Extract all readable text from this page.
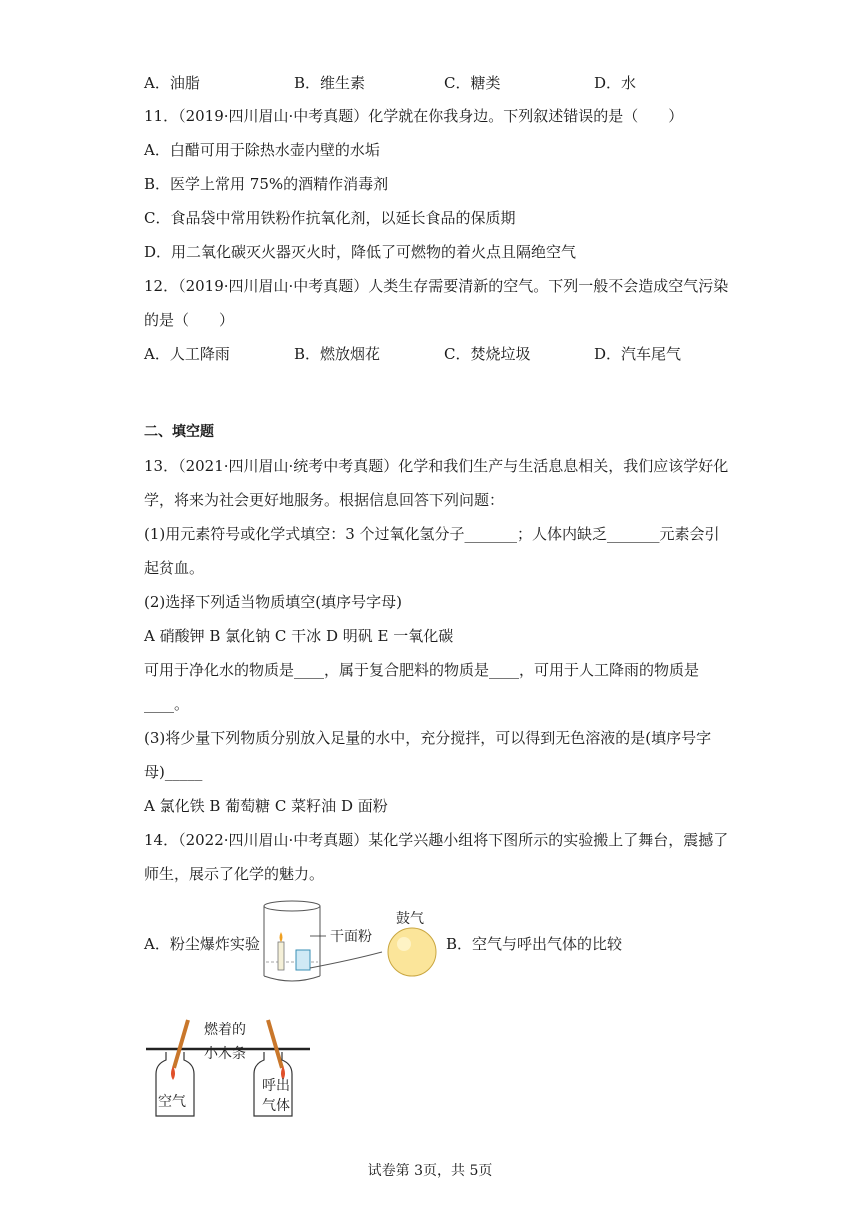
A．油脂	B．维生素	C．糖类	D．水
11．（2019·四川眉山·中考真题）化学就在你我身边。下列叙述错误的是（　　）
A．白醋可用于除热水壶内壁的水垢
B．医学上常用 75%的酒精作消毒剂
C．食品袋中常用铁粉作抗氧化剂，以延长食品的保质期
D．用二氧化碳灭火器灭火时，降低了可燃物的着火点且隔绝空气
12．（2019·四川眉山·中考真题）人类生存需要清新的空气。下列一般不会造成空气污染
的是（　　）
A．人工降雨	B．燃放烟花	C．焚烧垃圾	D．汽车尾气
二、填空题
13．（2021·四川眉山·统考中考真题）化学和我们生产与生活息息相关，我们应该学好化
学，将来为社会更好地服务。根据信息回答下列问题：
(1)用元素符号或化学式填空：3 个过氧化氢分子_______；人体内缺乏_______元素会引
起贫血。
(2)选择下列适当物质填空(填序号字母)
A 硝酸钾 B 氯化钠 C 干冰 D 明矾 E 一氧化碳
可用于净化水的物质是____，属于复合肥料的物质是____，可用于人工降雨的物质是
____。
(3)将少量下列物质分别放入足量的水中，充分搅拌，可以得到无色溶液的是(填序号字
母)_____
A 氯化铁 B 葡萄糖 C 菜籽油 D 面粉
14．（2022·四川眉山·中考真题）某化学兴趣小组将下图所示的实验搬上了舞台，震撼了
师生，展示了化学的魅力。
A．粉尘爆炸实验	干面粉
鼓气
B．空气与呼出气体的比较
燃着的
小木条
空气
呼出
气体
试卷第 3页，共 5页
